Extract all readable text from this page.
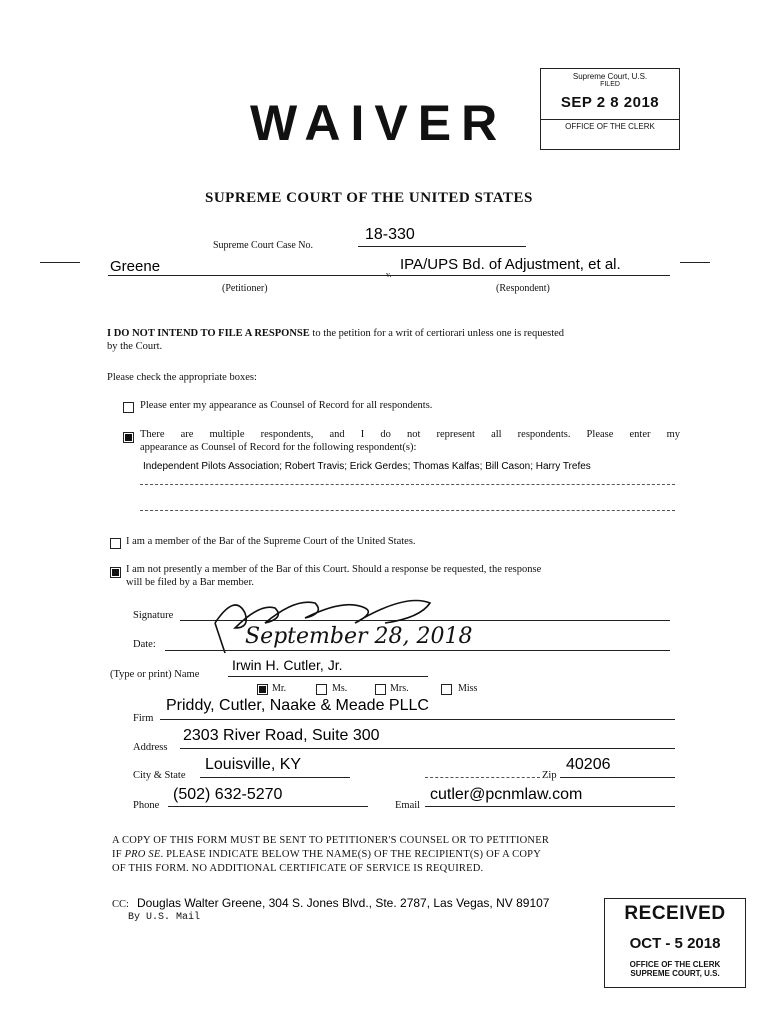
Supreme Court, U.S.
FILED
SEP 2 8 2018
OFFICE OF THE CLERK
WAIVER
SUPREME COURT OF THE UNITED STATES
Supreme Court Case No.
18-330
Greene	v.
IPA/UPS Bd. of Adjustment, et al.
(Petitioner)	(Respondent)
I DO NOT INTEND TO FILE A RESPONSE to the petition for a writ of certiorari unless one is requested
by the Court.
Please check the appropriate boxes:
Please enter my appearance as Counsel of Record for all respondents.
There are multiple respondents, and I do not represent all respondents. Please enter my
appearance as Counsel of Record for the following respondent(s):
Independent Pilots Association; Robert Travis; Erick Gerdes; Thomas Kalfas; Bill Cason; Harry Trefes
I am a member of the Bar of the Supreme Court of the United States.
I am not presently a member of the Bar of this Court. Should a response be requested, the response
will be filed by a Bar member.
Signature
Date:	September 28, 2018
(Type or print) Name
Irwin H. Cutler, Jr.
Mr.	Ms.	Mrs.	Miss
Firm
Priddy, Cutler, Naake & Meade PLLC
Address
2303 River Road, Suite 300
City & State
Louisville, KY
Zip
40206
Phone
(502) 632-5270
Email
cutler@pcnmlaw.com
A COPY OF THIS FORM MUST BE SENT TO PETITIONER'S COUNSEL OR TO PETITIONER
IF PRO SE. PLEASE INDICATE BELOW THE NAME(S) OF THE RECIPIENT(S) OF A COPY
OF THIS FORM. NO ADDITIONAL CERTIFICATE OF SERVICE IS REQUIRED.
CC: Douglas Walter Greene, 304 S. Jones Blvd., Ste. 2787, Las Vegas, NV 89107
By U.S. Mail	RECEIVED
OCT - 5 2018
OFFICE OF THE CLERK
SUPREME COURT, U.S.
